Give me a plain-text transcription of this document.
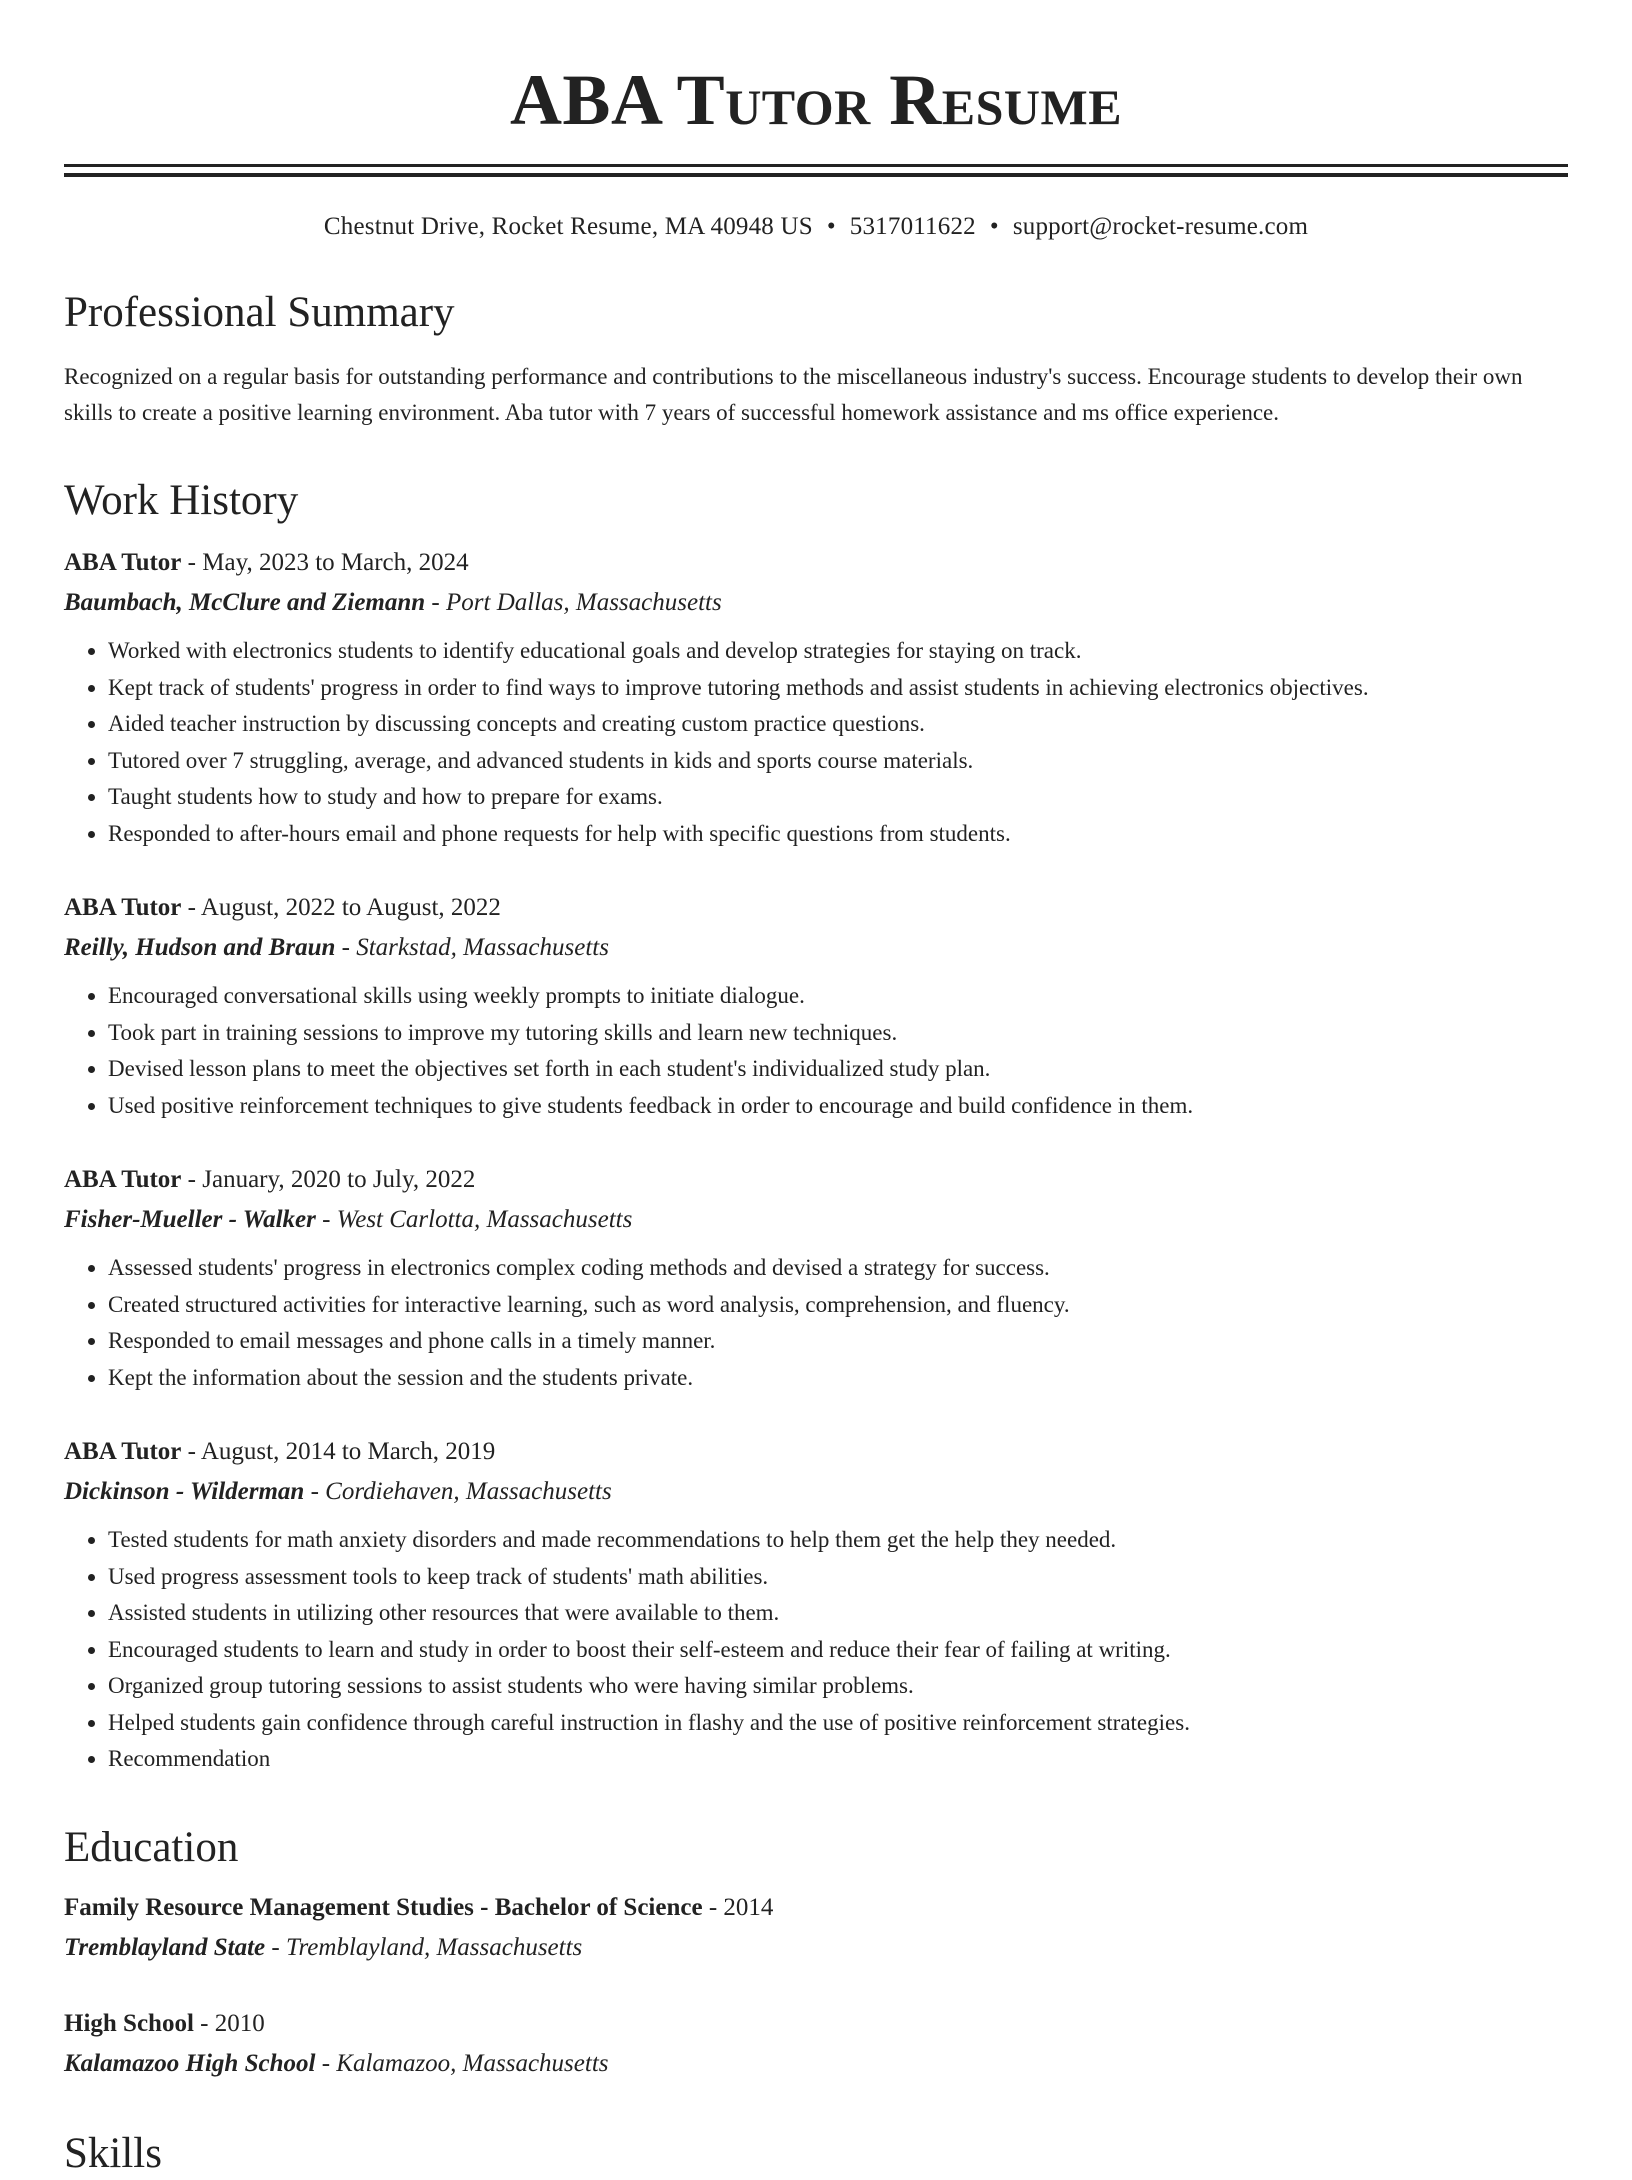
ABA Tutor Resume
Chestnut Drive, Rocket Resume, MA 40948 US • 5317011622 • support@rocket-resume.com
Professional Summary

Recognized on a regular basis for outstanding performance and contributions to the miscellaneous industry's success. Encourage students to develop their own skills to create a positive learning environment. Aba tutor with 7 years of successful homework assistance and ms office experience.

Work History
ABA Tutor - May, 2023 to March, 2024
Baumbach, McClure and Ziemann - Port Dallas, Massachusetts
• Worked with electronics students to identify educational goals and develop strategies for staying on track.
• Kept track of students' progress in order to find ways to improve tutoring methods and assist students in achieving electronics objectives.
• Aided teacher instruction by discussing concepts and creating custom practice questions.
• Tutored over 7 struggling, average, and advanced students in kids and sports course materials.
• Taught students how to study and how to prepare for exams.
• Responded to after-hours email and phone requests for help with specific questions from students.
ABA Tutor - August, 2022 to August, 2022
Reilly, Hudson and Braun - Starkstad, Massachusetts
• Encouraged conversational skills using weekly prompts to initiate dialogue.
• Took part in training sessions to improve my tutoring skills and learn new techniques.
• Devised lesson plans to meet the objectives set forth in each student's individualized study plan.
• Used positive reinforcement techniques to give students feedback in order to encourage and build confidence in them.
ABA Tutor - January, 2020 to July, 2022
Fisher-Mueller - Walker - West Carlotta, Massachusetts
• Assessed students' progress in electronics complex coding methods and devised a strategy for success.
• Created structured activities for interactive learning, such as word analysis, comprehension, and fluency.
• Responded to email messages and phone calls in a timely manner.
• Kept the information about the session and the students private.
ABA Tutor - August, 2014 to March, 2019
Dickinson - Wilderman - Cordiehaven, Massachusetts
• Tested students for math anxiety disorders and made recommendations to help them get the help they needed.
• Used progress assessment tools to keep track of students' math abilities.
• Assisted students in utilizing other resources that were available to them.
• Encouraged students to learn and study in order to boost their self-esteem and reduce their fear of failing at writing.
• Organized group tutoring sessions to assist students who were having similar problems.
• Helped students gain confidence through careful instruction in flashy and the use of positive reinforcement strategies.
• Recommendation
Education
Family Resource Management Studies - Bachelor of Science - 2014
Tremblayland State - Tremblayland, Massachusetts
High School - 2010
Kalamazoo High School - Kalamazoo, Massachusetts
Skills
